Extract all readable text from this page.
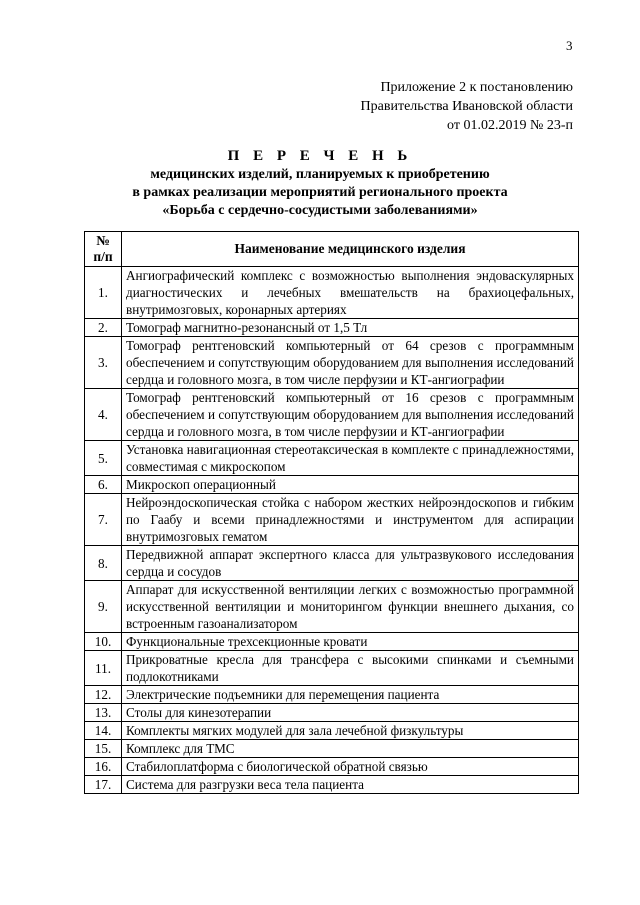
3
Приложение 2 к постановлению
Правительства Ивановской области
от 01.02.2019 № 23-п
П Е Р Е Ч Е Н Ь
медицинских изделий, планируемых к приобретению
в рамках реализации мероприятий регионального проекта
«Борьба с сердечно-сосудистыми заболеваниями»
№
п/п	Наименование медицинского изделия
1.	Ангиографический комплекс с возможностью выполнения эндоваскулярных диагностических и лечебных вмешательств на брахиоцефальных, внутримозговых, коронарных артериях
2.	Томограф магнитно-резонансный от 1,5 Тл
3.	Томограф рентгеновский компьютерный от 64 срезов с программным обеспечением и сопутствующим оборудованием для выполнения исследований сердца и головного мозга, в том числе перфузии и КТ-ангиографии
4.	Томограф рентгеновский компьютерный от 16 срезов с программным обеспечением и сопутствующим оборудованием для выполнения исследований сердца и головного мозга, в том числе перфузии и КТ-ангиографии
5.	Установка навигационная стереотаксическая в комплекте с принадлежностями, совместимая с микроскопом
6.	Микроскоп операционный
7.	Нейроэндоскопическая стойка с набором жестких нейроэндоскопов и гибким по Гаабу и всеми принадлежностями и инструментом для аспирации внутримозговых гематом
8.	Передвижной аппарат экспертного класса для ультразвукового исследования сердца и сосудов
9.	Аппарат для искусственной вентиляции легких с возможностью программной искусственной вентиляции и мониторингом функции внешнего дыхания, со встроенным газоанализатором
10.	Функциональные трехсекционные кровати
11.	Прикроватные кресла для трансфера с высокими спинками и съемными подлокотниками
12.	Электрические подъемники для перемещения пациента
13.	Столы для кинезотерапии
14.	Комплекты мягких модулей для зала лечебной физкультуры
15.	Комплекс для ТМС
16.	Стабилоплатформа с биологической обратной связью
17.	Система для разгрузки веса тела пациента
